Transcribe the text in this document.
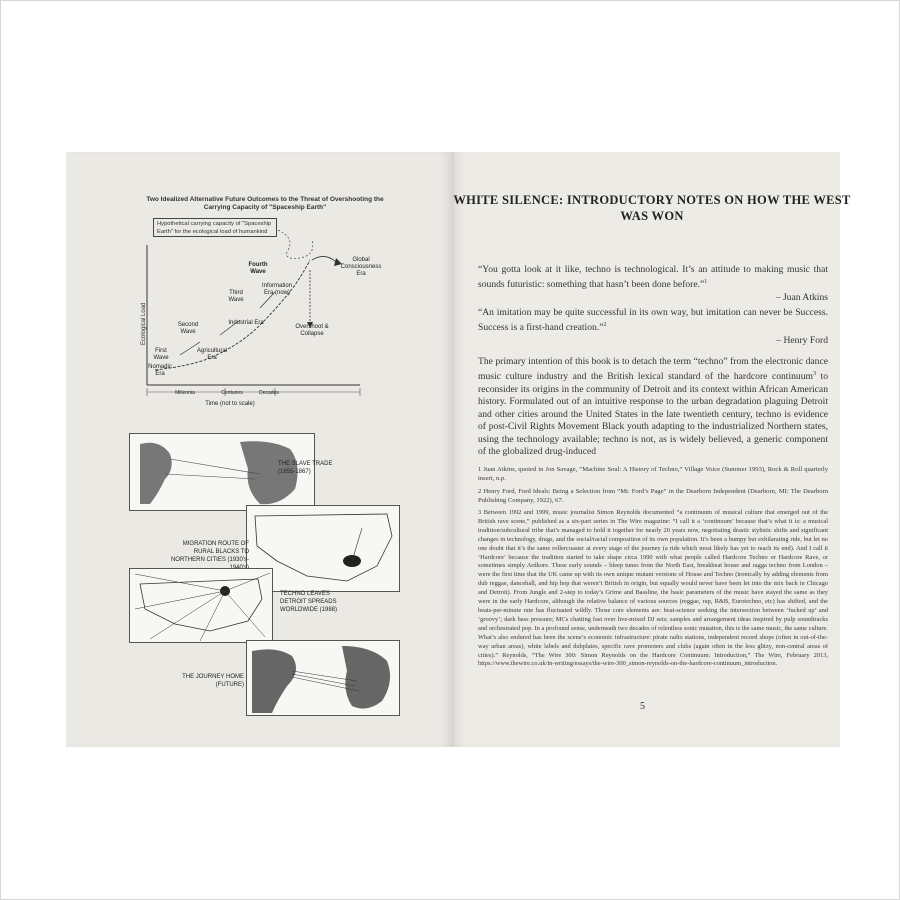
Two Idealized Alternative Future Outcomes to the Threat of Overshooting the Carrying Capacity of "Spaceship Earth"
Hypothetical carrying capacity of "Spaceship Earth" for the ecological load of humankind
Ecological Load
First Wave
Nomadic Era
Second Wave
Agricultural Era
Third Wave
Industrial Era
Information Era (now)
Fourth Wave
Global Consciousness Era
Overshoot & Collapse
Millennia	Centuries	Decades
Time (not to scale)
THE SLAVE TRADE (1655-1867)
MIGRATION ROUTE OF RURAL BLACKS TO NORTHERN CITIES (1930's-
TECHNO LEAVES DETROIT SPREADS WORLDWIDE (1988)
THE JOURNEY HOME (FUTURE)
WHITE SILENCE: INTRODUCTORY NOTES ON HOW THE WEST WAS WON
“You gotta look at it like, techno is technological. It’s an attitude to making music that sounds futuristic: something that hasn’t been done before.”$^1$
– Juan Atkins
“An imitation may be quite successful in its own way, but imitation can never be Success. Success is a first-hand creation.”$^2$
– Henry Ford
The primary intention of this book is to detach the term “techno” from the electronic dance music culture industry and the British lexical standard of the hardcore continuum$^3$ to reconsider its origins in the community of Detroit and its context within African American history. Formulated out of an intuitive response to the urban degradation plaguing Detroit and other cities around the United States in the late twentieth century, techno is evidence of post-Civil Rights Movement Black youth adapting to the industrialized Northern states, using the technology available; techno is not, as is widely believed, a generic component of the globalized drug-induced
1 Juan Atkins, quoted in Jon Savage, “Machine Soul: A History of Techno,” Village Voice (Summer 1993), Rock & Roll quarterly insert, n.p.
2 Henry Ford, Ford Ideals: Being a Selection from “Mr. Ford’s Page” in the Dearborn Independent (Dearborn, MI: The Dearborn Publishing Company, 1922), 67.
3 Between 1992 and 1999, music journalist Simon Reynolds documented “a continuum of musical culture that emerged out of the British rave scene,” published as a six-part series in The Wire magazine: “I call it a ‘continuum’ because that’s what it is: a musical tradition/subcultural tribe that’s managed to hold it together for nearly 20 years now, negotiating drastic stylistic shifts and significant changes in technology, drugs, and the social/racial composition of its own population. It’s been a bumpy but exhilarating ride, but let no one doubt that it’s the same rollercoaster at every stage of the journey (a ride which most likely has yet to reach its end). And I call it ‘Hardcore’ because the tradition started to take shape circa 1990 with what people called Hardcore Techno or Hardcore Rave, or sometimes simply Ardkore. These early sounds – bleep tunes from the North East, breakbeat house and ragga techno from London – were the first time that the UK came up with its own unique mutant versions of House and Techno (ironically by adding elements from dub reggae, dancehall, and hip hop that weren’t British in origin, but equally would never have been let into the mix back in Chicago and Detroit). From Jungle and 2-step to today’s Grime and Bassline, the basic parameters of the music have stayed the same as they were in the early Hardcore, although the relative balance of various sources (reggae, rap, R&B, Eurotechno, etc) has shifted, and the beats-per-minute rate has fluctuated wildly. Those core elements are: beat-science seeking the intersection between ‘fucked up’ and ‘groovy’; dark bass pressure; MCs chatting fast over live-mixed DJ sets; samples and arrangement ideas inspired by pulp soundtracks and orchestrated pop. In a profound sense, underneath two decades of relentless sonic mutation, this is the same music, the same culture. What’s also endured has been the scene’s economic infrastructure: pirate radio stations, independent record shops (often in out-of-the-way urban areas), white labels and dubplates, specific rave promoters and clubs (again often in the less glitzy, non-central areas of cities).” Reynolds, “The Wire 300: Simon Reynolds on the Hardcore Continuum: Introduction,” The Wire, February 2013, https://www.thewire.co.uk/in-writing/essays/the-wire-300_simon-reynolds-on-the-hardcore-continuum_introduction.
5
